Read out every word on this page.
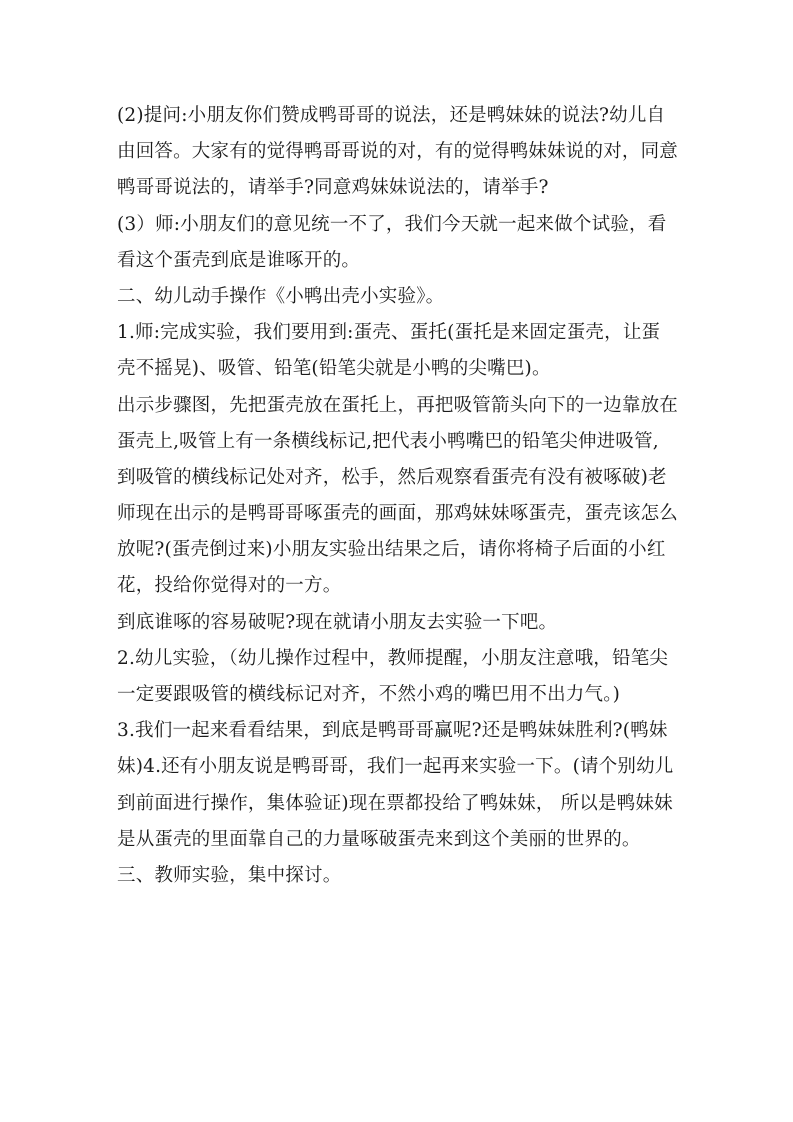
(2)提问:小朋友你们赞成鸭哥哥的说法，还是鸭妹妹的说法?幼儿自
由回答。大家有的觉得鸭哥哥说的对，有的觉得鸭妹妹说的对，同意
鸭哥哥说法的，请举手?同意鸡妹妹说法的，请举手?

(3）师:小朋友们的意见统一不了，我们今天就一起来做个试验，看
看这个蛋壳到底是谁啄开的。

二、幼儿动手操作《小鸭出壳小实验》。

1.师:完成实验，我们要用到:蛋壳、蛋托(蛋托是来固定蛋壳，让蛋
壳不摇晃)、吸管、铅笔(铅笔尖就是小鸭的尖嘴巴)。

出示步骤图，先把蛋壳放在蛋托上，再把吸管箭头向下的一边靠放在
蛋壳上,吸管上有一条横线标记,把代表小鸭嘴巴的铅笔尖伸进吸管,
到吸管的横线标记处对齐，松手，然后观察看蛋壳有没有被啄破)老
师现在出示的是鸭哥哥啄蛋壳的画面，那鸡妹妹啄蛋壳，蛋壳该怎么
放呢?(蛋壳倒过来)小朋友实验出结果之后，请你将椅子后面的小红
花，投给你觉得对的一方。

到底谁啄的容易破呢?现在就请小朋友去实验一下吧。

2.幼儿实验，（幼儿操作过程中，教师提醒，小朋友注意哦，铅笔尖
一定要跟吸管的横线标记对齐，不然小鸡的嘴巴用不出力气。)

3.我们一起来看看结果，到底是鸭哥哥赢呢?还是鸭妹妹胜利?(鸭妹
妹)4.还有小朋友说是鸭哥哥，我们一起再来实验一下。(请个别幼儿
到前面进行操作，集体验证)现在票都投给了鸭妹妹， 所以是鸭妹妹
是从蛋壳的里面靠自己的力量啄破蛋壳来到这个美丽的世界的。

三、教师实验，集中探讨。
